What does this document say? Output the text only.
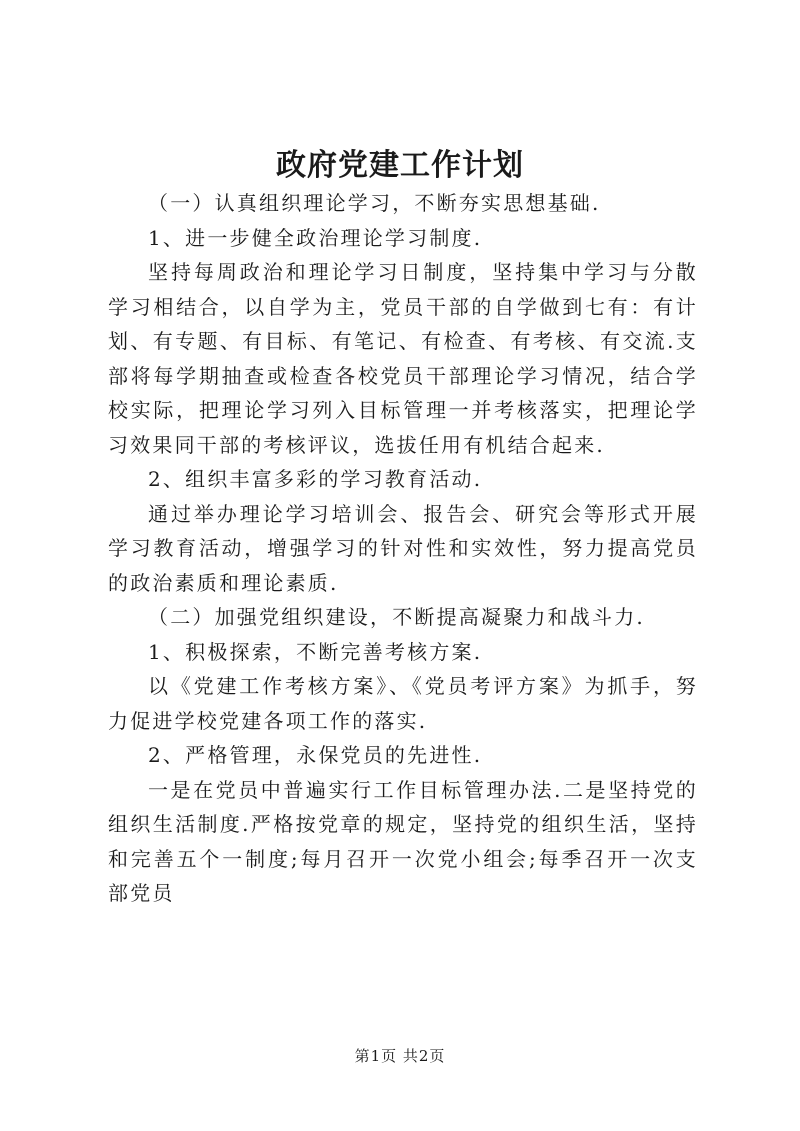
政府党建工作计划

（一）认真组织理论学习，不断夯实思想基础.

1、进一步健全政治理论学习制度.

坚持每周政治和理论学习日制度，坚持集中学习与分散学习相结合，以自学为主，党员干部的自学做到七有：有计划、有专题、有目标、有笔记、有检查、有考核、有交流.支部将每学期抽查或检查各校党员干部理论学习情况，结合学校实际，把理论学习列入目标管理一并考核落实，把理论学习效果同干部的考核评议，选拔任用有机结合起来.

2、组织丰富多彩的学习教育活动.

通过举办理论学习培训会、报告会、研究会等形式开展学习教育活动，增强学习的针对性和实效性，努力提高党员的政治素质和理论素质.

（二）加强党组织建设，不断提高凝聚力和战斗力.

1、积极探索，不断完善考核方案.

以《党建工作考核方案》、《党员考评方案》为抓手，努力促进学校党建各项工作的落实.

2、严格管理，永保党员的先进性.

一是在党员中普遍实行工作目标管理办法.二是坚持党的组织生活制度.严格按党章的规定，坚持党的组织生活，坚持和完善五个一制度;每月召开一次党小组会;每季召开一次支部党员

第1页 共2页
